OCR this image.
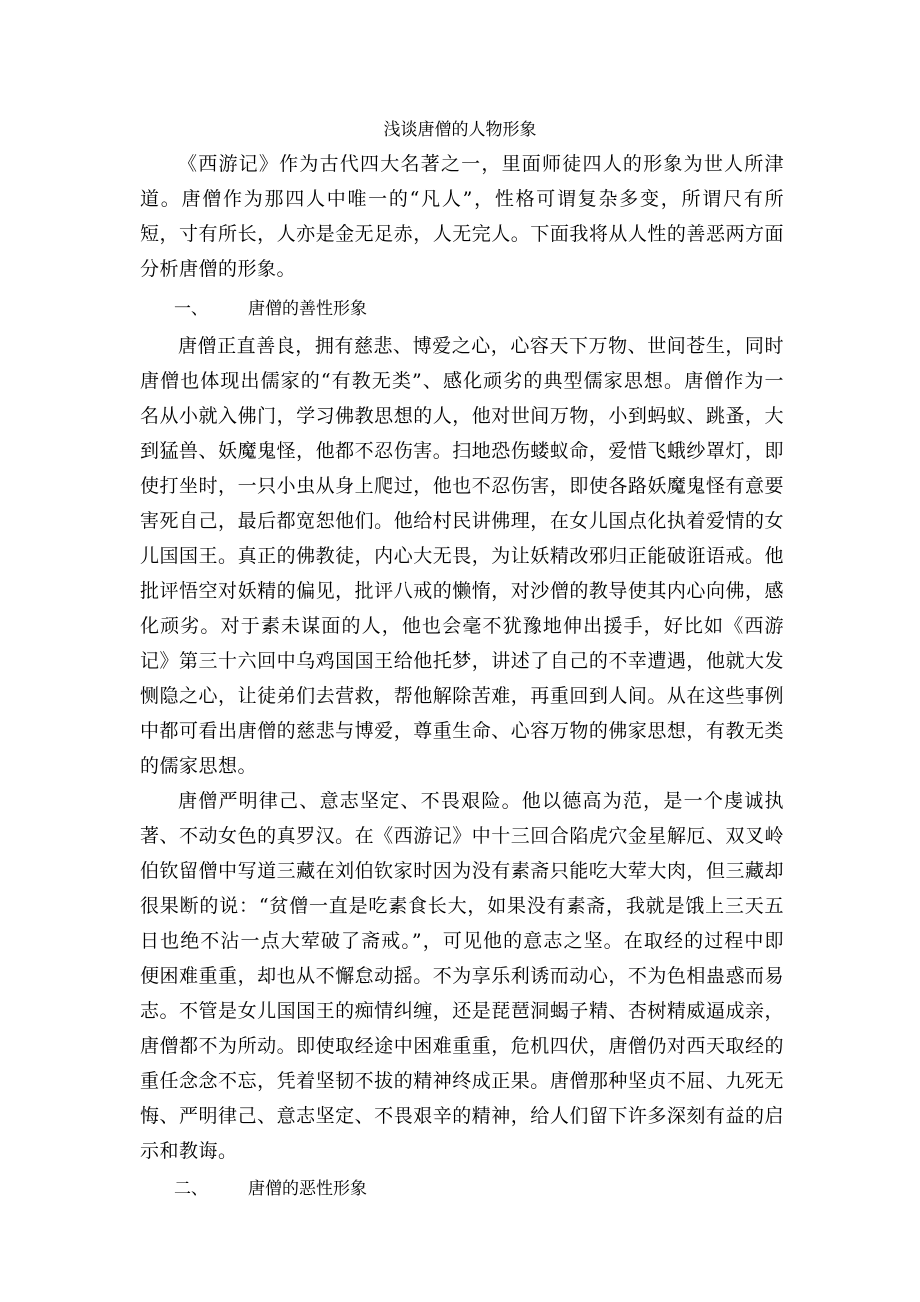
浅谈唐僧的人物形象

《西游记》作为古代四大名著之一，里面师徒四人的形象为世人所津道。唐僧作为那四人中唯一的“凡人”，性格可谓复杂多变，所谓尺有所短，寸有所长，人亦是金无足赤，人无完人。下面我将从人性的善恶两方面分析唐僧的形象。

一、 唐僧的善性形象

唐僧正直善良，拥有慈悲、博爱之心，心容天下万物、世间苍生，同时唐僧也体现出儒家的“有教无类”、感化顽劣的典型儒家思想。唐僧作为一名从小就入佛门，学习佛教思想的人，他对世间万物，小到蚂蚁、跳蚤，大到猛兽、妖魔鬼怪，他都不忍伤害。扫地恐伤蝼蚁命，爱惜飞蛾纱罩灯，即使打坐时，一只小虫从身上爬过，他也不忍伤害，即使各路妖魔鬼怪有意要害死自己，最后都宽恕他们。他给村民讲佛理，在女儿国点化执着爱情的女儿国国王。真正的佛教徒，内心大无畏，为让妖精改邪归正能破诳语戒。他批评悟空对妖精的偏见，批评八戒的懒惰，对沙僧的教导使其内心向佛，感化顽劣。对于素未谋面的人，他也会毫不犹豫地伸出援手，好比如《西游记》第三十六回中乌鸡国国王给他托梦，讲述了自己的不幸遭遇，他就大发恻隐之心，让徒弟们去营救，帮他解除苦难，再重回到人间。从在这些事例中都可看出唐僧的慈悲与博爱，尊重生命、心容万物的佛家思想，有教无类的儒家思想。

唐僧严明律己、意志坚定、不畏艰险。他以德高为范，是一个虔诚执著、不动女色的真罗汉。在《西游记》中十三回合陷虎穴金星解厄、双叉岭伯钦留僧中写道三藏在刘伯钦家时因为没有素斋只能吃大荤大肉，但三藏却很果断的说：“贫僧一直是吃素食长大，如果没有素斋，我就是饿上三天五日也绝不沾一点大荤破了斋戒。”，可见他的意志之坚。在取经的过程中即便困难重重，却也从不懈怠动摇。不为享乐利诱而动心，不为色相蛊惑而易志。不管是女儿国国王的痴情纠缠，还是琵琶洞蝎子精、杏树精威逼成亲，唐僧都不为所动。即使取经途中困难重重，危机四伏，唐僧仍对西天取经的重任念念不忘，凭着坚韧不拔的精神终成正果。唐僧那种坚贞不屈、九死无悔、严明律己、意志坚定、不畏艰辛的精神，给人们留下许多深刻有益的启示和教诲。

二、 唐僧的恶性形象
